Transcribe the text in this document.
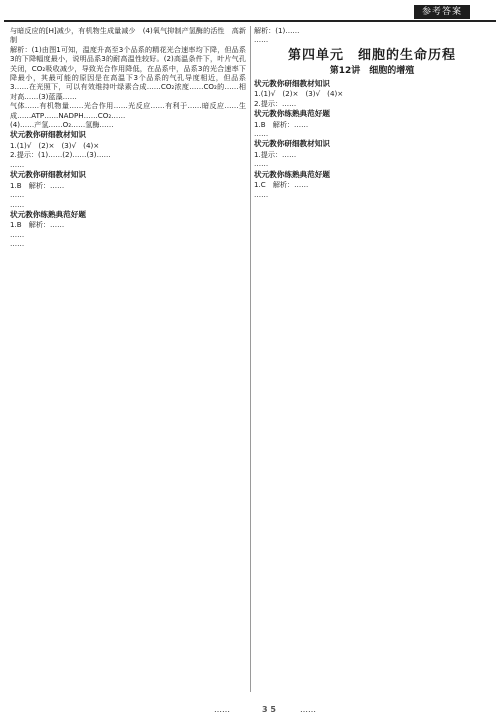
参考答案

与暗反应的[H]减少，有机物生成量减少　(4)氧气抑制产氢酶的活性　高新制

解析：(1)由图1可知，温度升高至3个品系的精花光合速率均下降，但品系3的下降幅度最小，说明品系3的耐高温性较好。(2)高温条件下，叶片气孔关闭，CO₂吸收减少，导致光合作用降低，在品系中，品系3的光合速率下降最小，其最可能的原因是在高温下3个品系的气孔导度相近，但品系3……在光照下，可以有效维持叶绿素合成……CO₂浓度……CO₂的……相对高……(3)蓝藻……

气体……有机物量……光合作用……光反应……有利于……暗反应……生成……ATP……NADPH……CO₂……

(4)……产氢……O₂……氢酶……

状元教你研细教材知识

1.(1)√　(2)×　(3)√　(4)×

2.提示：(1)……(2)……(3)……

……

状元教你研细教材知识

1.B　解析：……

……

……

状元教你练熟典范好题

1.B　解析：……

……

……

解析：(1)……

……

第四单元　细胞的生命历程
第12讲　细胞的增殖
状元教你研细教材知识

1.(1)√　(2)×　(3)√　(4)×

2.提示：……

状元教你练熟典范好题

1.B　解析：……

……

状元教你研细教材知识

1.提示：……

……

状元教你练熟典范好题

1.C　解析：……

……

……	3 5	……
